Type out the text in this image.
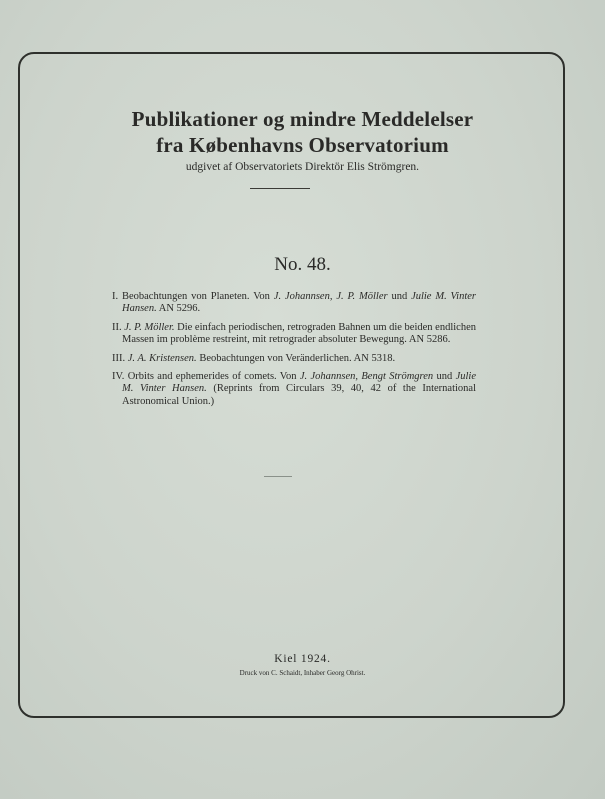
Publikationer og mindre Meddelelser
fra Københavns Observatorium

udgivet af Observatoriets Direktör Elis Strömgren.

No. 48.

I. Beobachtungen von Planeten. Von J. Johannsen, J. P. Möller und Julie M. Vinter Hansen. AN 5296.
II. J. P. Möller. Die einfach periodischen, retrograden Bahnen um die beiden endlichen Massen im problème restreint, mit retrograder absoluter Bewegung. AN 5286.
III. J. A. Kristensen. Beobachtungen von Veränderlichen. AN 5318.
IV. Orbits and ephemerides of comets. Von J. Johannsen, Bengt Strömgren und Julie M. Vinter Hansen. (Reprints from Circulars 39, 40, 42 of the International Astronomical Union.)

Kiel 1924.

Druck von C. Schaidt, Inhaber Georg Ohrist.
